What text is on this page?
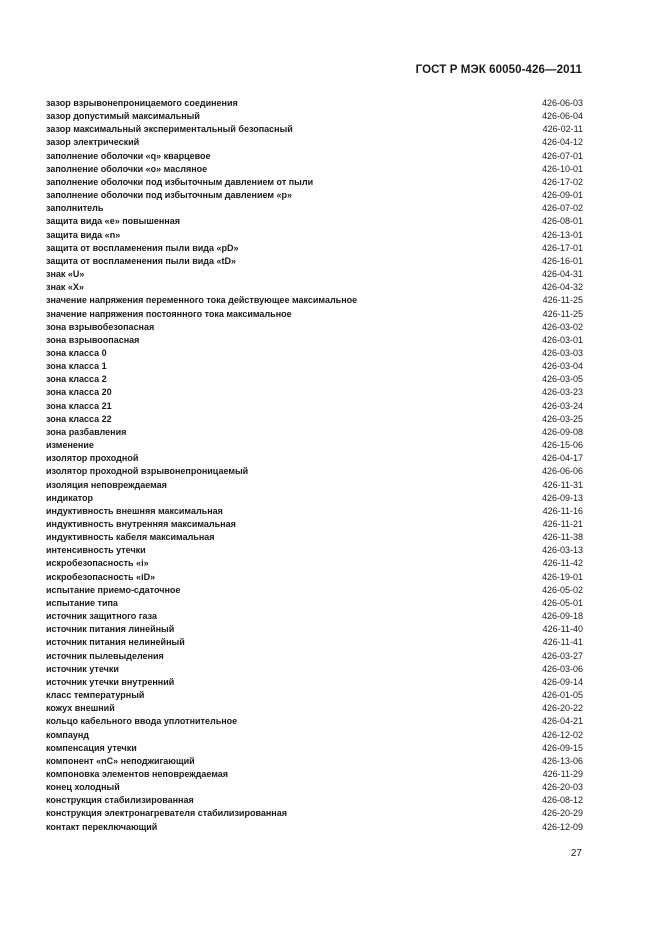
ГОСТ Р МЭК 60050-426—2011
зазор взрывонепроницаемого соединения	426-06-03
зазор допустимый максимальный	426-06-04
зазор максимальный экспериментальный безопасный	426-02-11
зазор электрический	426-04-12
заполнение оболочки «q» кварцевое	426-07-01
заполнение оболочки «о» масляное	426-10-01
заполнение оболочки под избыточным давлением от пыли	426-17-02
заполнение оболочки под избыточным давлением «р»	426-09-01
заполнитель	426-07-02
защита вида «е» повышенная	426-08-01
защита вида «n»	426-13-01
защита от воспламенения пыли вида «pD»	426-17-01
защита от воспламенения пыли вида «tD»	426-16-01
знак «U»	426-04-31
знак «X»	426-04-32
значение напряжения переменного тока действующее максимальное	426-11-25
значение напряжения постоянного тока максимальное	426-11-25
зона взрывобезопасная	426-03-02
зона взрывоопасная	426-03-01
зона класса 0	426-03-03
зона класса 1	426-03-04
зона класса 2	426-03-05
зона класса 20	426-03-23
зона класса 21	426-03-24
зона класса 22	426-03-25
зона разбавления	426-09-08
изменение	426-15-06
изолятор проходной	426-04-17
изолятор проходной взрывонепроницаемый	426-06-06
изоляция неповреждаемая	426-11-31
индикатор	426-09-13
индуктивность внешняя максимальная	426-11-16
индуктивность внутренняя максимальная	426-11-21
индуктивность кабеля максимальная	426-11-38
интенсивность утечки	426-03-13
искробезопасность «i»	426-11-42
искробезопасность «iD»	426-19-01
испытание приемо-сдаточное	426-05-02
испытание типа	426-05-01
источник защитного газа	426-09-18
источник питания линейный	426-11-40
источник питания нелинейный	426-11-41
источник пылевыделения	426-03-27
источник утечки	426-03-06
источник утечки внутренний	426-09-14
класс температурный	426-01-05
кожух внешний	426-20-22
кольцо кабельного ввода уплотнительное	426-04-21
компаунд	426-12-02
компенсация утечки	426-09-15
компонент «nC» неподжигающий	426-13-06
компоновка элементов неповреждаемая	426-11-29
конец холодный	426-20-03
конструкция стабилизированная	426-08-12
конструкция электронагревателя стабилизированная	426-20-29
контакт переключающий	426-12-09
27
